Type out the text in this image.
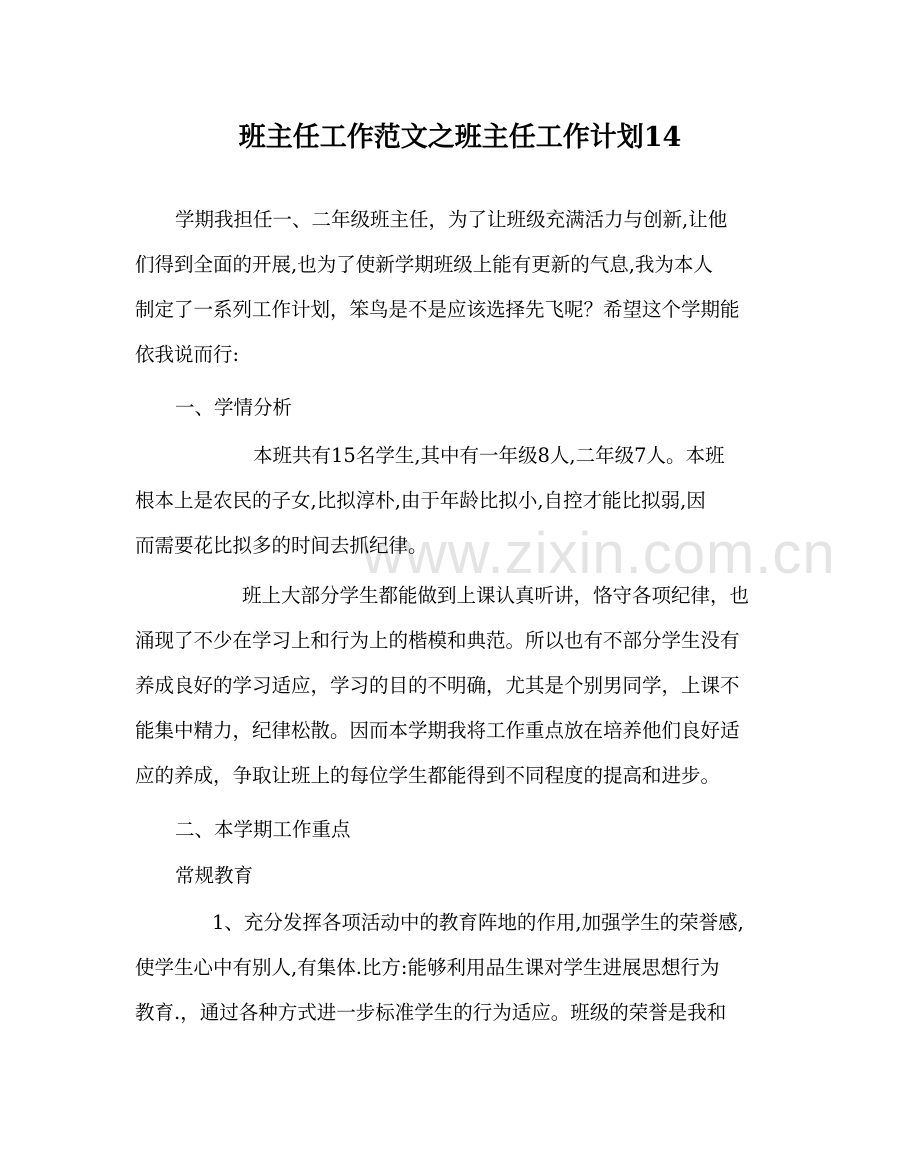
www.zixin.com.cn
班主任工作范文之班主任工作计划14
学期我担任一、二年级班主任，为了让班级充满活力与创新,让他
们得到全面的开展,也为了使新学期班级上能有更新的气息,我为本人
制定了一系列工作计划，笨鸟是不是应该选择先飞呢？希望这个学期能
依我说而行:
一、学情分析
本班共有15名学生,其中有一年级8人,二年级7人。本班
根本上是农民的子女,比拟淳朴,由于年龄比拟小,自控才能比拟弱,因
而需要花比拟多的时间去抓纪律。
班上大部分学生都能做到上课认真听讲，恪守各项纪律，也
涌现了不少在学习上和行为上的楷模和典范。所以也有不部分学生没有
养成良好的学习适应，学习的目的不明确，尤其是个别男同学，上课不
能集中精力，纪律松散。因而本学期我将工作重点放在培养他们良好适
应的养成，争取让班上的每位学生都能得到不同程度的提高和进步。
二、本学期工作重点
常规教育
1、充分发挥各项活动中的教育阵地的作用,加强学生的荣誉感,
使学生心中有别人,有集体.比方:能够利用品生课对学生进展思想行为
教育.，通过各种方式进一步标准学生的行为适应。班级的荣誉是我和
